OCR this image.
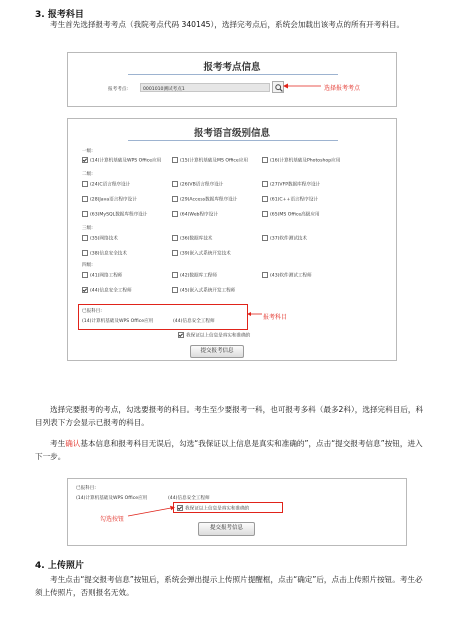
3. 报考科目
考生首先选择报考考点（我院考点代码 340145），选择完考点后，系统会加载出该考点的所有开考科目。
报考考点信息
报考考点:	0001010测试考点1	选择报考考点
报考语言级别信息
一级:
(14)计算机基础及WPS Office应用	(15)计算机基础及MS Office应用	(16)计算机基础及Photoshop应用
二级:
(24)C语言程序设计	(26)VB语言程序设计	(27)VFP数据库程序设计
(28)Java语言程序设计	(29)Access数据库程序设计	(61)C++语言程序设计
(63)MySQL数据库程序设计	(64)Web程序设计	(65)MS Office高级应用
三级:
(35)网络技术	(36)数据库技术	(37)软件测试技术
(38)信息安全技术	(39)嵌入式系统开发技术
四级:
(41)网络工程师	(42)数据库工程师	(43)软件测试工程师
(44)信息安全工程师	(45)嵌入式系统开发工程师
已报科目:
(14)计算机基础及WPS Office应用	(44)信息安全工程师
我保证以上信息是真实和准确的
提交报考信息
报考科目
选择完要报考的考点，勾选要报考的科目。考生至少要报考一科，也可报考多科（最多2科），选择完科目后，科目列表下方会显示已报考的科目。
考生确认基本信息和报考科目无误后，勾选“我保证以上信息是真实和准确的”，点击“提交报考信息”按钮，进入下一步。
已报科目:
(14)计算机基础及WPS Office应用	(44)信息安全工程师
我保证以上信息是真实和准确的
提交报考信息
勾选按钮
4. 上传照片
考生点击“提交报考信息”按钮后，系统会弹出提示上传照片提醒框，点击“确定”后，点击上传照片按钮。考生必须上传照片，否则报名无效。
